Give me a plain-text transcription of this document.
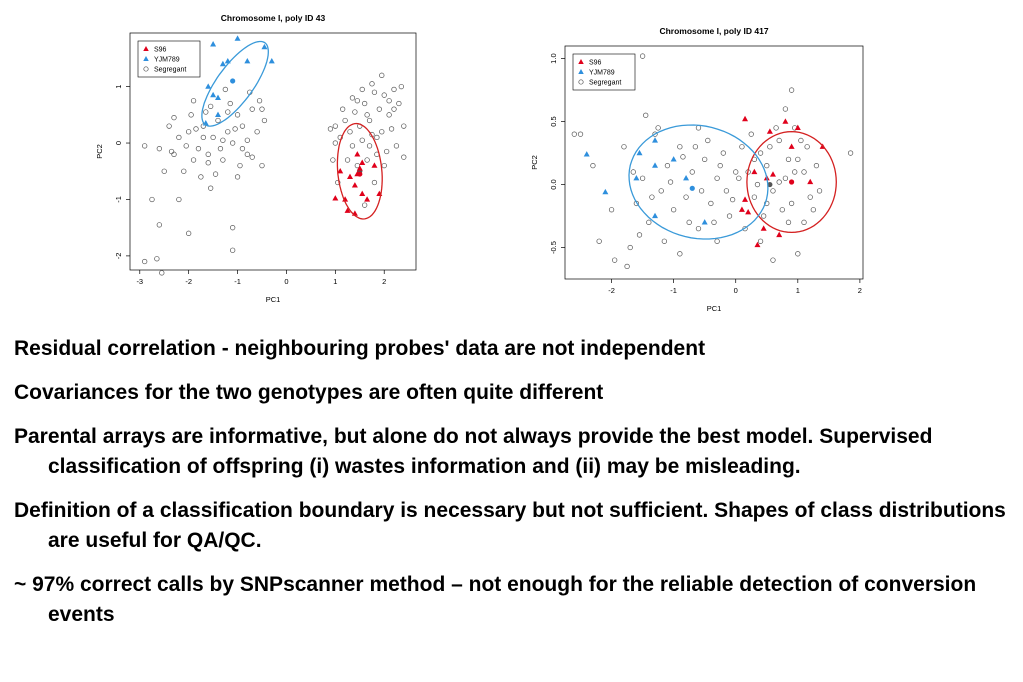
Chromosome I, poly ID 43
-3	-2	-1	0	1	2
PC1
-2
-1
0
1
PC2
S96
YJM789
Segregant
Chromosome I, poly ID 417
-2	-1	0	1	2
PC1
-0.5
0.0
0.5
1.0
PC2
S96
YJM789
Segregant

Residual correlation - neighbouring probes' data are not independent

Covariances for the two genotypes are often quite different

Parental arrays are informative, but alone do not always provide the best model. Supervised classification of offspring (i) wastes information and (ii) may be misleading.

Definition of a classification boundary is necessary but not sufficient. Shapes of class distributions are useful for QA/QC.

~ 97% correct calls by SNPscanner method – not enough for the reliable detection of conversion events
